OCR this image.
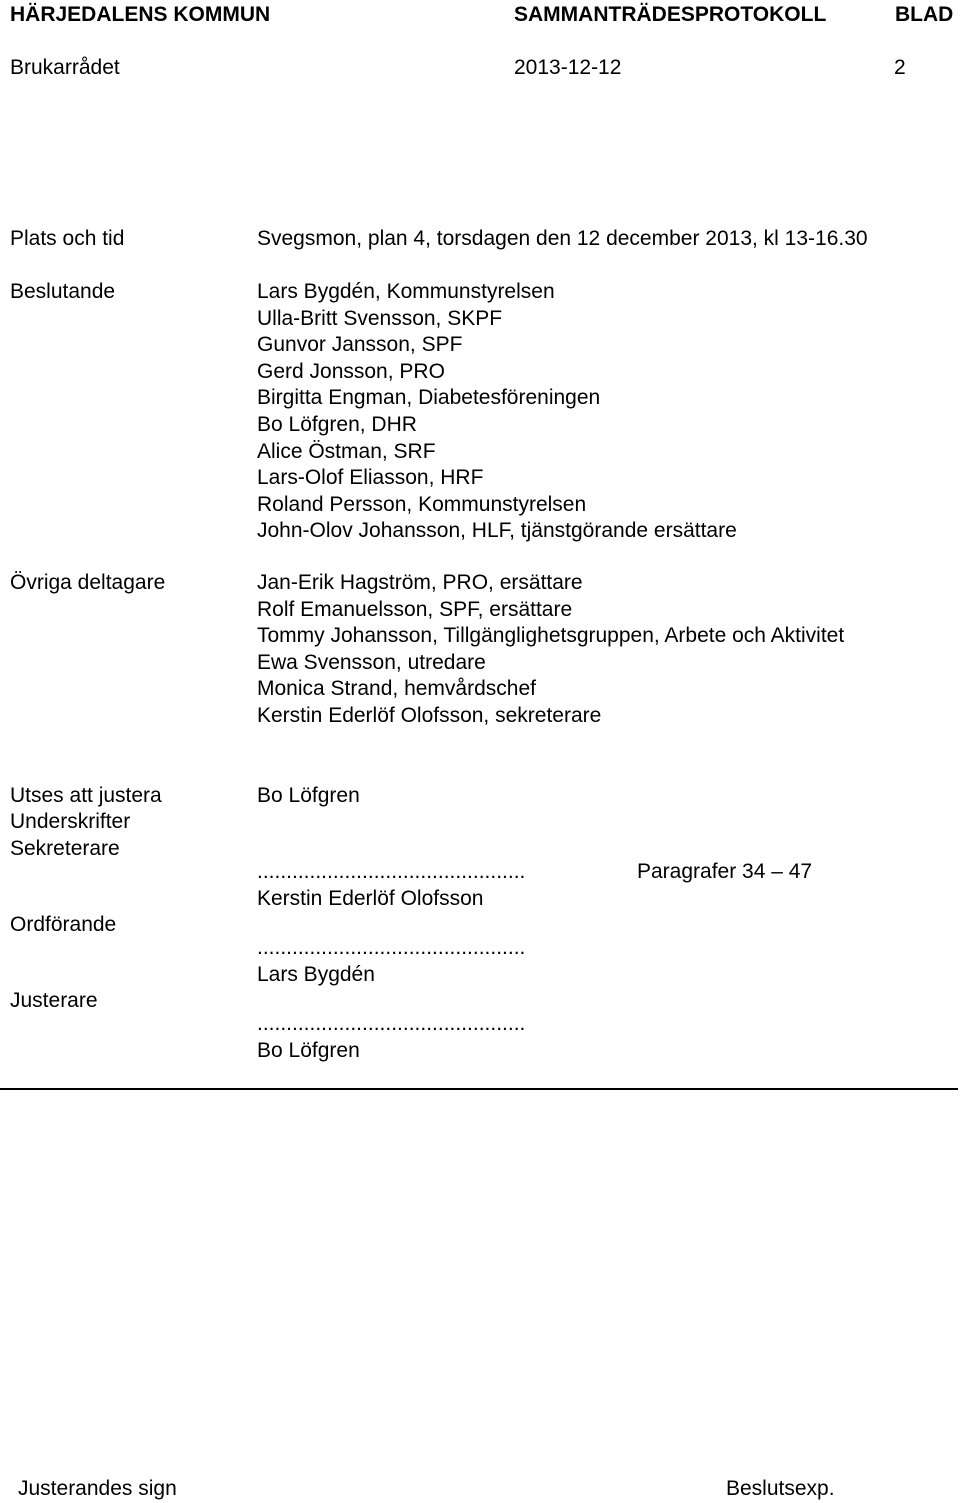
HÄRJEDALENS KOMMUN	SAMMANTRÄDESPROTOKOLL	BLAD
Brukarrådet	2013-12-12	2
Plats och tid	Svegsmon, plan 4, torsdagen den 12 december 2013, kl 13-16.30
Beslutande	Lars Bygdén, Kommunstyrelsen
Ulla-Britt Svensson, SKPF
Gunvor Jansson, SPF
Gerd Jonsson, PRO
Birgitta Engman, Diabetesföreningen
Bo Löfgren, DHR
Alice Östman, SRF
Lars-Olof Eliasson, HRF
Roland Persson, Kommunstyrelsen
John-Olov Johansson, HLF, tjänstgörande ersättare
Övriga deltagare	Jan-Erik Hagström, PRO, ersättare
Rolf Emanuelsson, SPF, ersättare
Tommy Johansson, Tillgänglighetsgruppen, Arbete och Aktivitet
Ewa Svensson, utredare
Monica Strand, hemvårdschef
Kerstin Ederlöf Olofsson, sekreterare
Utses att justera	Bo Löfgren
Underskrifter
Sekreterare
..............................................	Paragrafer 34 – 47
Kerstin Ederlöf Olofsson
Ordförande
..............................................
Lars Bygdén
Justerare
..............................................
Bo Löfgren
Justerandes sign	Beslutsexp.
